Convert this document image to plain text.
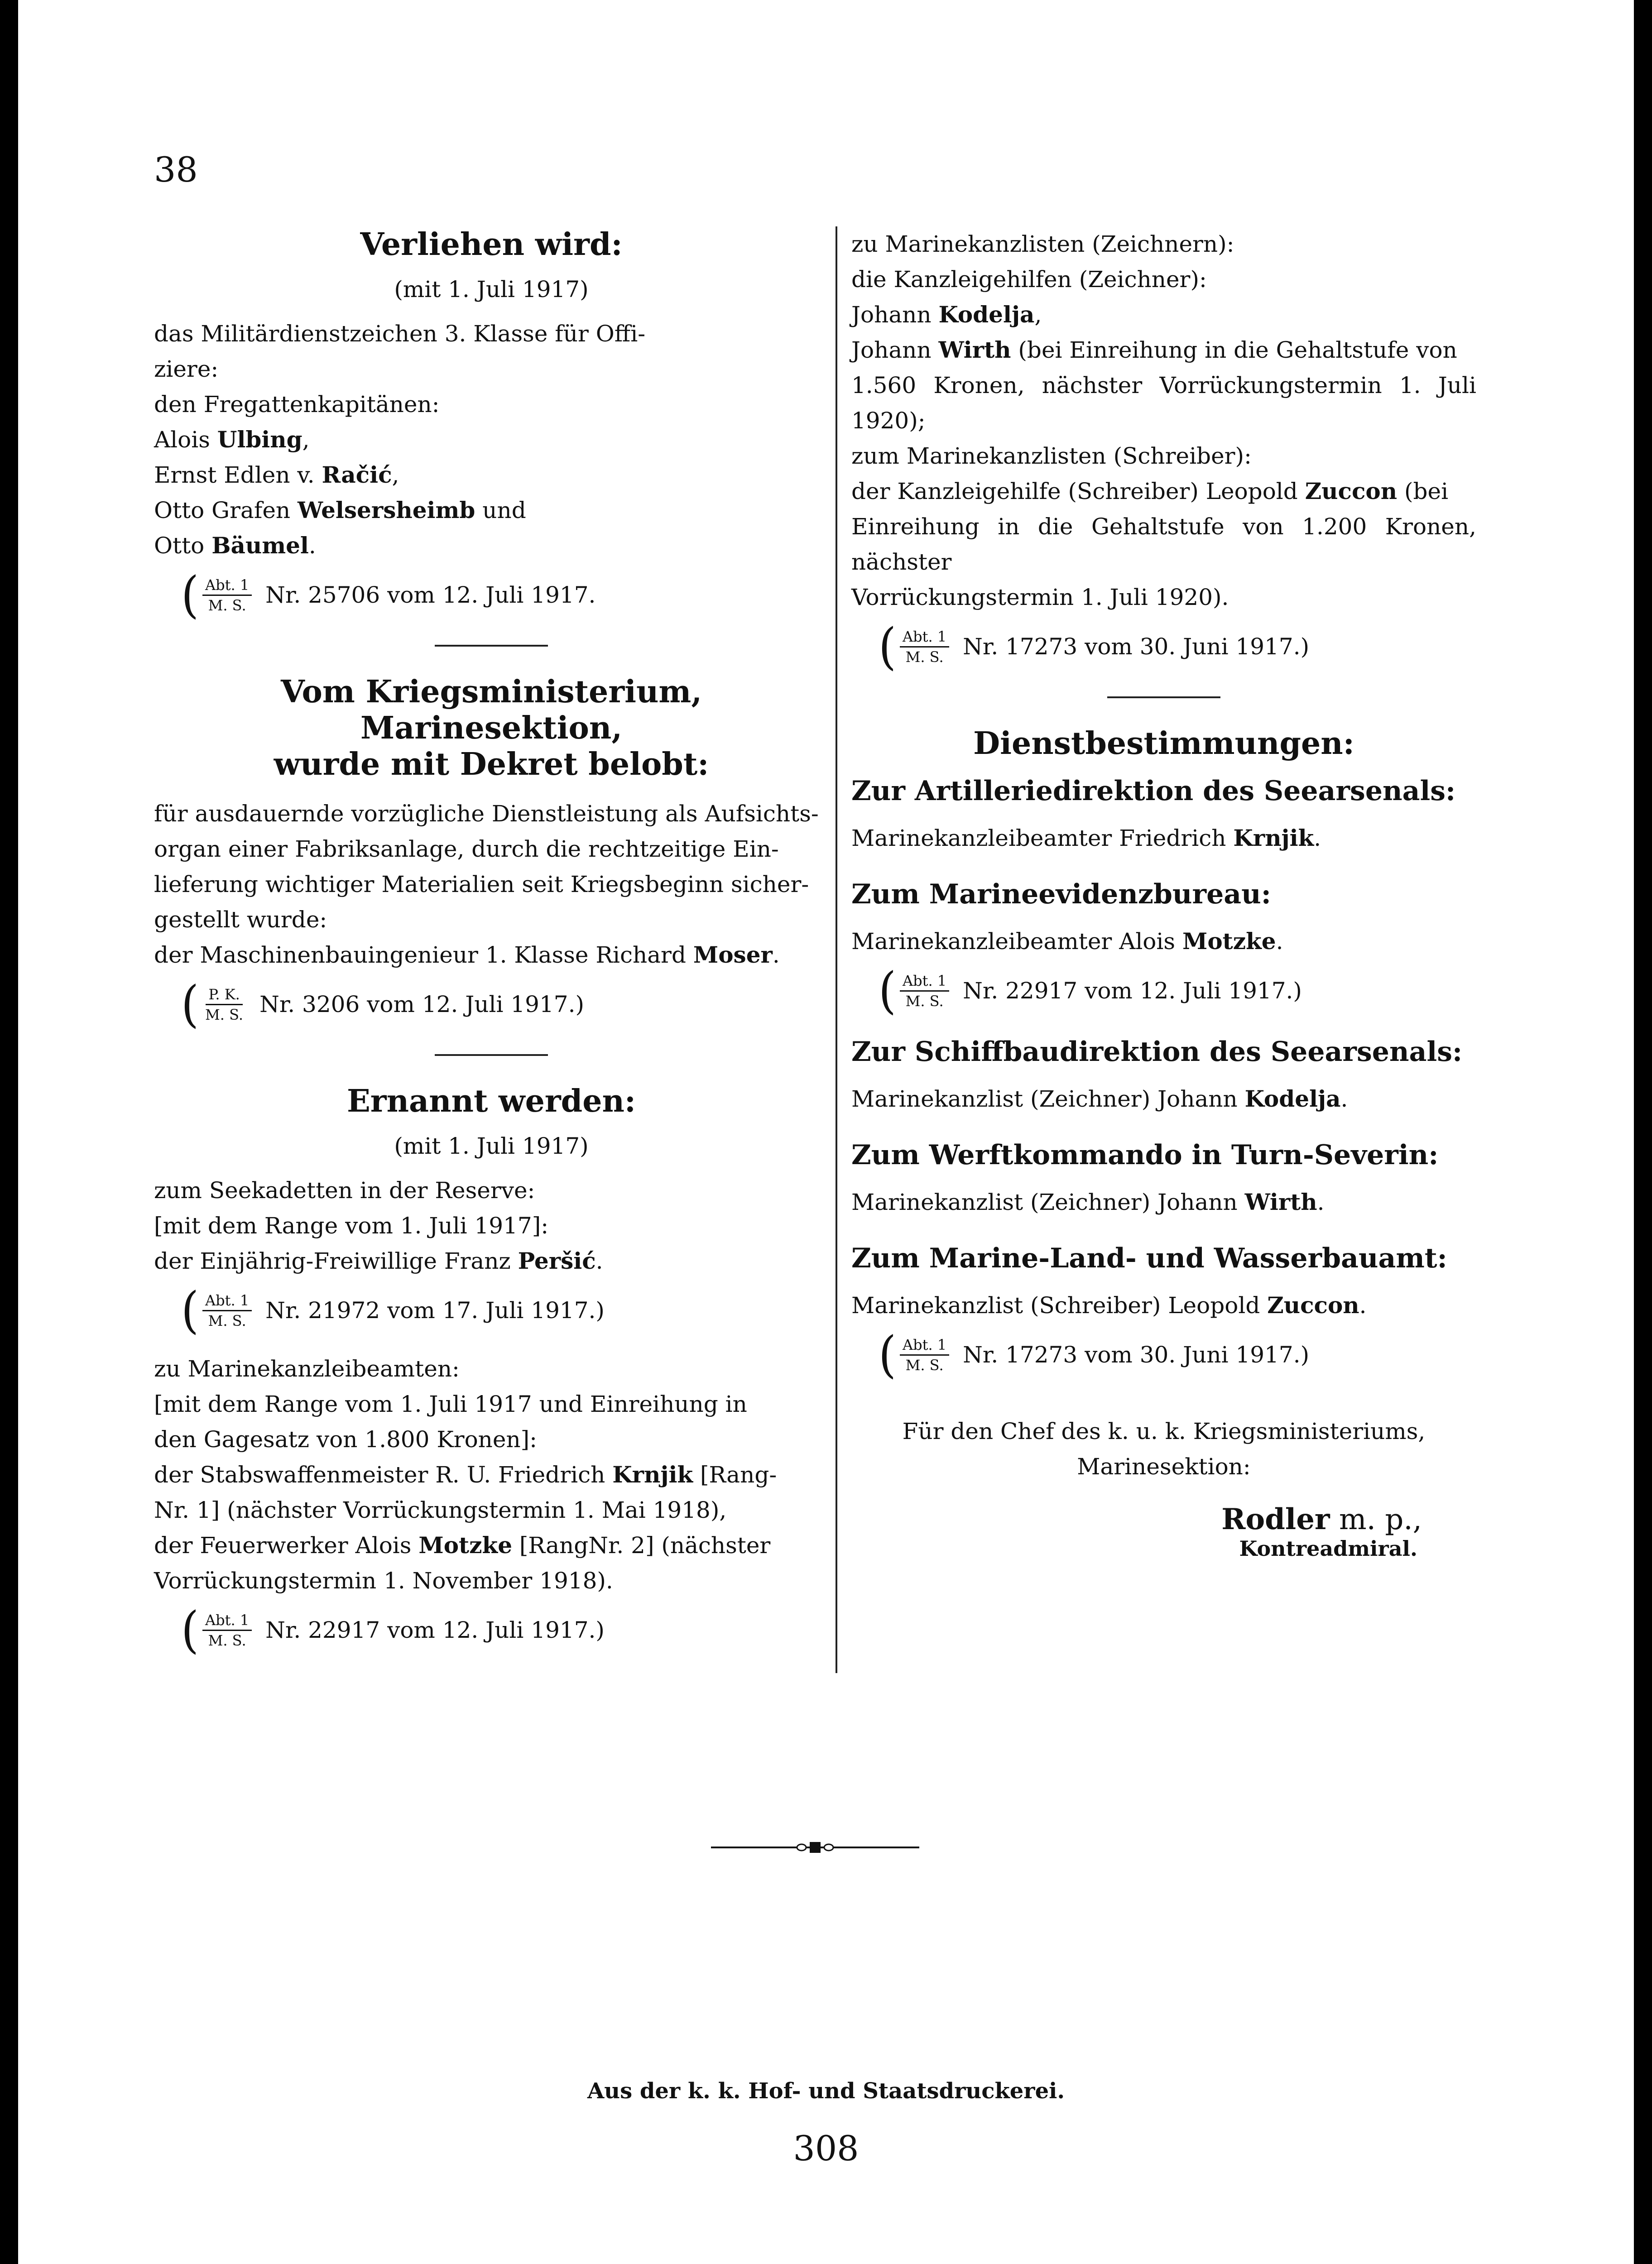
38
Verliehen wird:
(mit 1. Juli 1917)

das Militärdienstzeichen 3. Klasse für Offi-

ziere:

den Fregattenkapitänen:

Alois Ulbing,

Ernst Edlen v. Račić,

Otto Grafen Welsersheimb und

Otto Bäumel.

( $\frac{\text{Abt. 1}}{M. S.} Nr$. 25706 vom 12. Juli 1917.
Vom Kriegsministerium, Marinesektion,
wurde mit Dekret belobt:

für ausdauernde vorzügliche Dienstleistung als Aufsichts-

organ einer Fabriksanlage, durch die rechtzeitige Ein-

lieferung wichtiger Materialien seit Kriegsbeginn sicher-

gestellt wurde:

der Maschinenbauingenieur 1. Klasse Richard Moser.

( $\frac{P. K.}{M. S.} Nr$. 3206 vom 12. Juli 1917.)
Ernannt werden:
(mit 1. Juli 1917)

zum Seekadetten in der Reserve:

[mit dem Range vom 1. Juli 1917]:

der Einjährig-Freiwillige Franz Peršić.

( $\frac{\text{Abt. 1}}{M. S.} Nr$. 21972 vom 17. Juli 1917.)

zu Marinekanzleibeamten:

[mit dem Range vom 1. Juli 1917 und Einreihung in

den Gagesatz von 1.800 Kronen]:

der Stabswaffenmeister R. U. Friedrich Krnjik [Rang-

Nr. 1] (nächster Vorrückungstermin 1. Mai 1918),

der Feuerwerker Alois Motzke [RangNr. 2] (nächster

Vorrückungstermin 1. November 1918).

( $\frac{\text{Abt. 1}}{M. S.} Nr$. 22917 vom 12. Juli 1917.)

zu Marinekanzlisten (Zeichnern):

die Kanzleigehilfen (Zeichner):

Johann Kodelja,

Johann Wirth (bei Einreihung in die Gehaltstufe von

1.560 Kronen, nächster Vorrückungstermin 1. Juli 1920);

zum Marinekanzlisten (Schreiber):

der Kanzleigehilfe (Schreiber) Leopold Zuccon (bei

Einreihung in die Gehaltstufe von 1.200 Kronen, nächster

Vorrückungstermin 1. Juli 1920).

( $\frac{\text{Abt. 1}}{M. S.} Nr$. 17273 vom 30. Juni 1917.)
Dienstbestimmungen:
Zur Artilleriedirektion des Seearsenals:

Marinekanzleibeamter Friedrich Krnjik.

Zum Marineevidenzbureau:

Marinekanzleibeamter Alois Motzke.

( $\frac{\text{Abt. 1}}{M. S.} Nr$. 22917 vom 12. Juli 1917.)
Zur Schiffbaudirektion des Seearsenals:

Marinekanzlist (Zeichner) Johann Kodelja.

Zum Werftkommando in Turn-Severin:

Marinekanzlist (Zeichner) Johann Wirth.

Zum Marine-Land- und Wasserbauamt:

Marinekanzlist (Schreiber) Leopold Zuccon.

( $\frac{\text{Abt. 1}}{M. S.} Nr$. 17273 vom 30. Juni 1917.)
Für den Chef des k. u. k. Kriegsministeriums,
Marinesektion:
Rodler m. p.,
Kontreadmiral.
Aus der k. k. Hof- und Staatsdruckerei.
308
